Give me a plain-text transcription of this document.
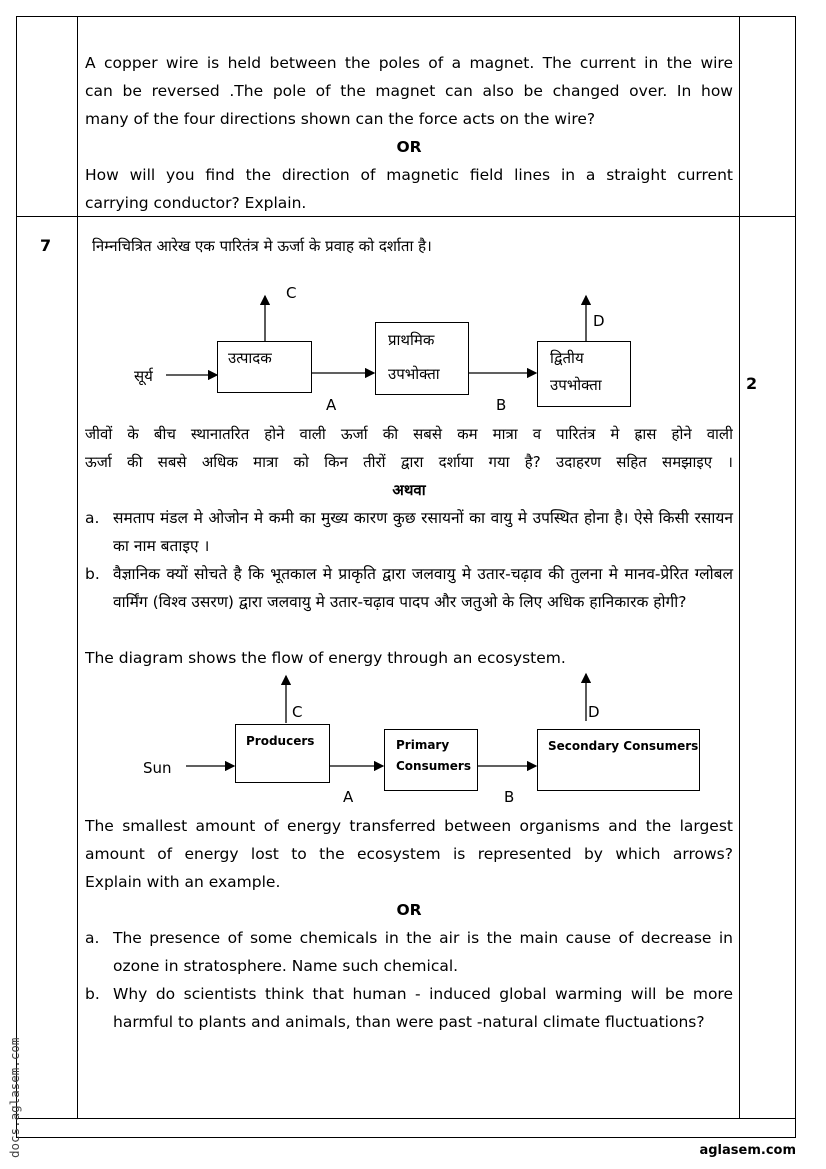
A copper wire is held between the poles of a magnet. The current in the wire
can be reversed .The pole of the magnet can also be changed over. In how
many of the four directions shown can the force acts on the wire?
OR
How will you find the direction of magnetic field lines in a straight current
carrying conductor? Explain.
7
2
निम्नचित्रित आरेख एक पारितंत्र मे ऊर्जा के प्रवाह को दर्शाता है।
C
D
सूर्य
उत्पादक
प्राथमिक
उपभोक्ता
द्वितीय
उपभोक्ता
A	B
जीवों के बीच स्थानातरित होने वाली ऊर्जा की सबसे कम मात्रा व पारितंत्र मे ह्रास होने वाली
ऊर्जा की सबसे अधिक मात्रा को किन तीरों द्वारा दर्शाया गया है? उदाहरण सहित समझाइए ।
अथवा
a. समताप मंडल मे ओजोन मे कमी का मुख्य कारण कुछ रसायनों का वायु मे उपस्थित होना है। ऐसे किसी रसायन का नाम बताइए ।
b. वैज्ञानिक क्यों सोचते है कि भूतकाल मे प्राकृति द्वारा जलवायु मे उतार-चढ़ाव की तुलना मे मानव-प्रेरित ग्लोबल वार्मिंग (विश्व उसरण) द्वारा जलवायु मे उतार-चढ़ाव पादप और जतुओ के लिए अधिक हानिकारक होगी?
The diagram shows the flow of energy through an ecosystem.
C	D
Sun
Producers	Primary
Consumers
Secondary Consumers
A	B
The smallest amount of energy transferred between organisms and the largest
amount of energy lost to the ecosystem is represented by which arrows?
Explain with an example.
OR
a. The presence of some chemicals in the air is the main cause of decrease in ozone in stratosphere. Name such chemical.
b. Why do scientists think that human - induced global warming will be more harmful to plants and animals, than were past -natural climate fluctuations?
docs.aglasem.com	aglasem.com
